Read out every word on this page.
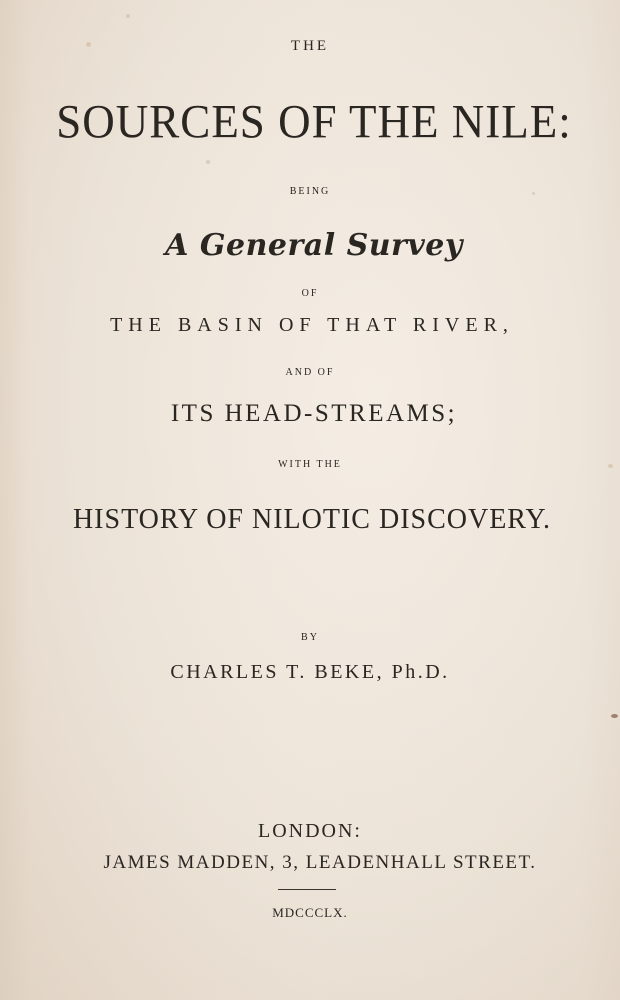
THE
SOURCES OF THE NILE:
BEING
A General Survey
OF
THE BASIN OF THAT RIVER,
AND OF
ITS HEAD-STREAMS;
WITH THE
HISTORY OF NILOTIC DISCOVERY.
BY
CHARLES T. BEKE, Ph.D.
LONDON:
JAMES MADDEN, 3, LEADENHALL STREET.
MDCCCLX.
